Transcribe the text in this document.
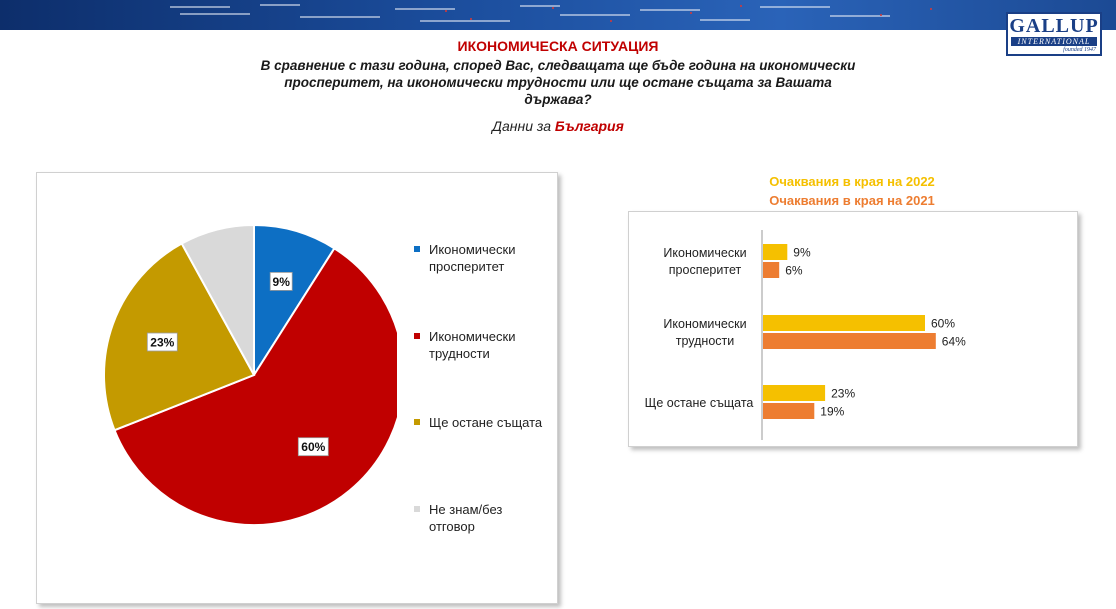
GALLUP
INTERNATIONAL
founded 1947
ИКОНОМИЧЕСКА СИТУАЦИЯ
В сравнение с тази година, според Вас, следващата ще бъде година на икономически
просперитет, на икономически трудности или ще остане същата за Вашата държава?
Данни за България
9%
60%
23%
Икономически
просперитет
Икономически
трудности
Ще остане същата
Не знам/без
отговор
Очаквания в края на 2022
Очаквания в края на 2021
Икономически
просперитет
Икономически
трудности
Ще остане същата
9%
60%
23%
6%
64%
19%
